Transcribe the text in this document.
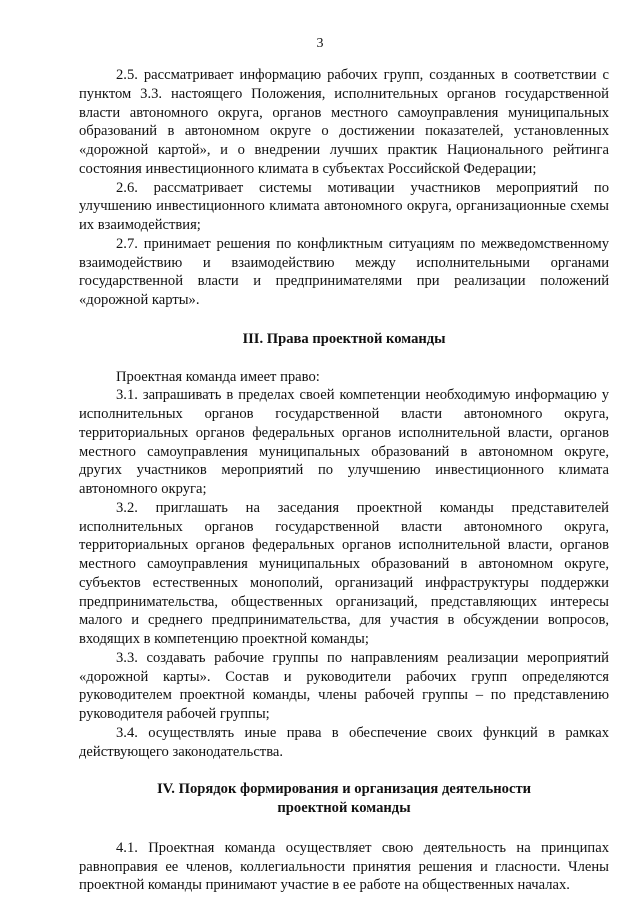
3

2.5. рассматривает информацию рабочих групп, созданных в соответствии с пунктом 3.3. настоящего Положения, исполнительных органов государственной власти автономного округа, органов местного самоуправления муниципальных образований в автономном округе о достижении показателей, установленных «дорожной картой», и о внедрении лучших практик Национального рейтинга состояния инвестиционного климата в субъектах Российской Федерации;

2.6. рассматривает системы мотивации участников мероприятий по улучшению инвестиционного климата автономного округа, организационные схемы их взаимодействия;

2.7. принимает решения по конфликтным ситуациям по межведомственному взаимодействию и взаимодействию между исполнительными органами государственной власти и предпринимателями при реализации положений «дорожной карты».

III. Права проектной команды

Проектная команда имеет право:

3.1. запрашивать в пределах своей компетенции необходимую информацию у исполнительных органов государственной власти автономного округа, территориальных органов федеральных органов исполнительной власти, органов местного самоуправления муниципальных образований в автономном округе, других участников мероприятий по улучшению инвестиционного климата автономного округа;

3.2. приглашать на заседания проектной команды представителей исполнительных органов государственной власти автономного округа, территориальных органов федеральных органов исполнительной власти, органов местного самоуправления муниципальных образований в автономном округе, субъектов естественных монополий, организаций инфраструктуры поддержки предпринимательства, общественных организаций, представляющих интересы малого и среднего предпринимательства, для участия в обсуждении вопросов, входящих в компетенцию проектной команды;

3.3. создавать рабочие группы по направлениям реализации мероприятий «дорожной карты». Состав и руководители рабочих групп определяются руководителем проектной команды, члены рабочей группы – по представлению руководителя рабочей группы;

3.4. осуществлять иные права в обеспечение своих функций в рамках действующего законодательства.

IV. Порядок формирования и организация деятельности
проектной команды

4.1. Проектная команда осуществляет свою деятельность на принципах равноправия ее членов, коллегиальности принятия решения и гласности. Члены проектной команды принимают участие в ее работе на общественных началах.
